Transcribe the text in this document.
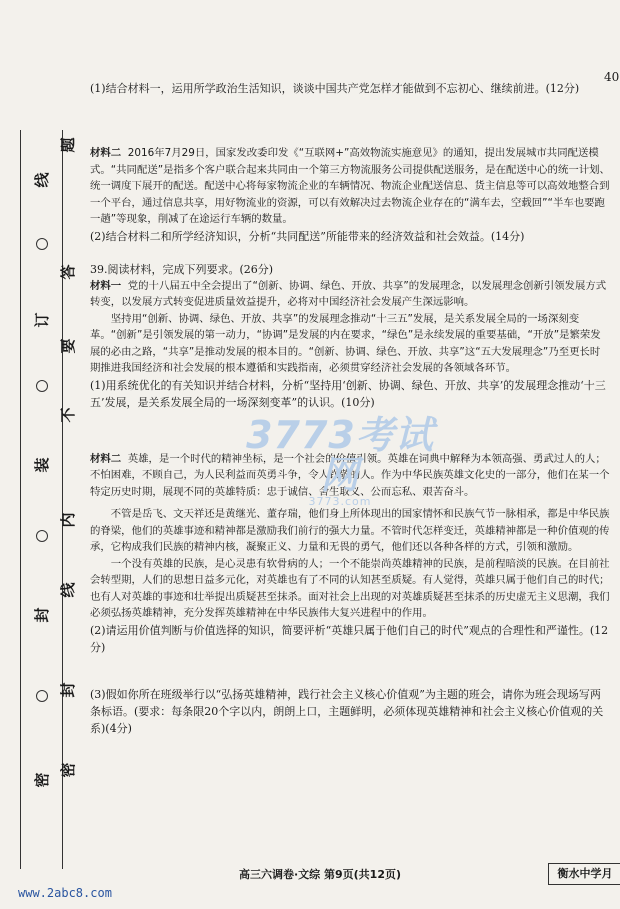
题
答
要
不
内
线
封
密
线
订
装
封
密
40

(1)结合材料一，运用所学政治生活知识，谈谈中国共产党怎样才能做到不忘初心、继续前进。(12分)

材料二 2016年7月29日，国家发改委印发《“互联网+”高效物流实施意见》的通知，提出发展城市共同配送模式。“共同配送”是指多个客户联合起来共同由一个第三方物流服务公司提供配送服务，是在配送中心的统一计划、统一调度下展开的配送。配送中心将每家物流企业的车辆情况、物流企业配送信息、货主信息等可以高效地整合到一个平台，通过信息共享，用好物流业的资源，可以有效解决过去物流企业存在的“满车去，空载回”“半车也要跑一趟”等现象，削减了在途运行车辆的数量。

(2)结合材料二和所学经济知识，分析“共同配送”所能带来的经济效益和社会效益。(14分)

39.阅读材料，完成下列要求。(26分)

材料一 党的十八届五中全会提出了“创新、协调、绿色、开放、共享”的发展理念，以发展理念创新引领发展方式转变，以发展方式转变促进质量效益提升，必将对中国经济社会发展产生深远影响。

坚持用“创新、协调、绿色、开放、共享”的发展理念推动“十三五”发展，是关系发展全局的一场深刻变革。“创新”是引领发展的第一动力，“协调”是发展的内在要求，“绿色”是永续发展的重要基础，“开放”是繁荣发展的必由之路，“共享”是推动发展的根本目的。“创新、协调、绿色、开放、共享”这“五大发展理念”乃至更长时期推进我国经济和社会发展的根本遵循和实践指南，必须贯穿经济社会发展的各领域各环节。

(1)用系统优化的有关知识并结合材料，分析“坚持用‘创新、协调、绿色、开放、共享’的发展理念推动‘十三五’发展，是关系发展全局的一场深刻变革”的认识。(10分)

材料二 英雄，是一个时代的精神坐标，是一个社会的价值引领。英雄在词典中解释为本领高强、勇武过人的人；不怕困难，不顾自己，为人民利益而英勇斗争，令人钦敬的人。作为中华民族英雄文化史的一部分，他们在某一个特定历史时期，展现不同的英雄特质：忠于诚信、舍生取义、公而忘私、艰苦奋斗。

不管是岳飞、文天祥还是黄继光、董存瑞，他们身上所体现出的国家情怀和民族气节一脉相承，都是中华民族的脊梁，他们的英雄事迹和精神都是激励我们前行的强大力量。不管时代怎样变迁，英雄精神都是一种价值观的传承，它构成我们民族的精神内核，凝聚正义、力量和无畏的勇气，他们还以各种各样的方式，引领和激励。

一个没有英雄的民族，是心灵患有软骨病的人；一个不能崇尚英雄精神的民族，是前程暗淡的民族。在目前社会转型期，人们的思想日益多元化，对英雄也有了不同的认知甚至质疑。有人觉得，英雄只属于他们自己的时代；也有人对英雄的事迹和壮举提出质疑甚至抹杀。面对社会上出现的对英雄质疑甚至抹杀的历史虚无主义思潮，我们必须弘扬英雄精神，充分发挥英雄精神在中华民族伟大复兴进程中的作用。

(2)请运用价值判断与价值选择的知识，简要评析“英雄只属于他们自己的时代”观点的合理性和严谨性。(12分)

(3)假如你所在班级举行以“弘扬英雄精神，践行社会主义核心价值观”为主题的班会，请你为班会现场写两条标语。(要求：每条限20个字以内，朗朗上口，主题鲜明，必须体现英雄精神和社会主义核心价值观的关系)(4分)

3773考试网
3773.com
高三六调卷·文综 第9页(共12页)	衡水中学月
www.2abc8.com
